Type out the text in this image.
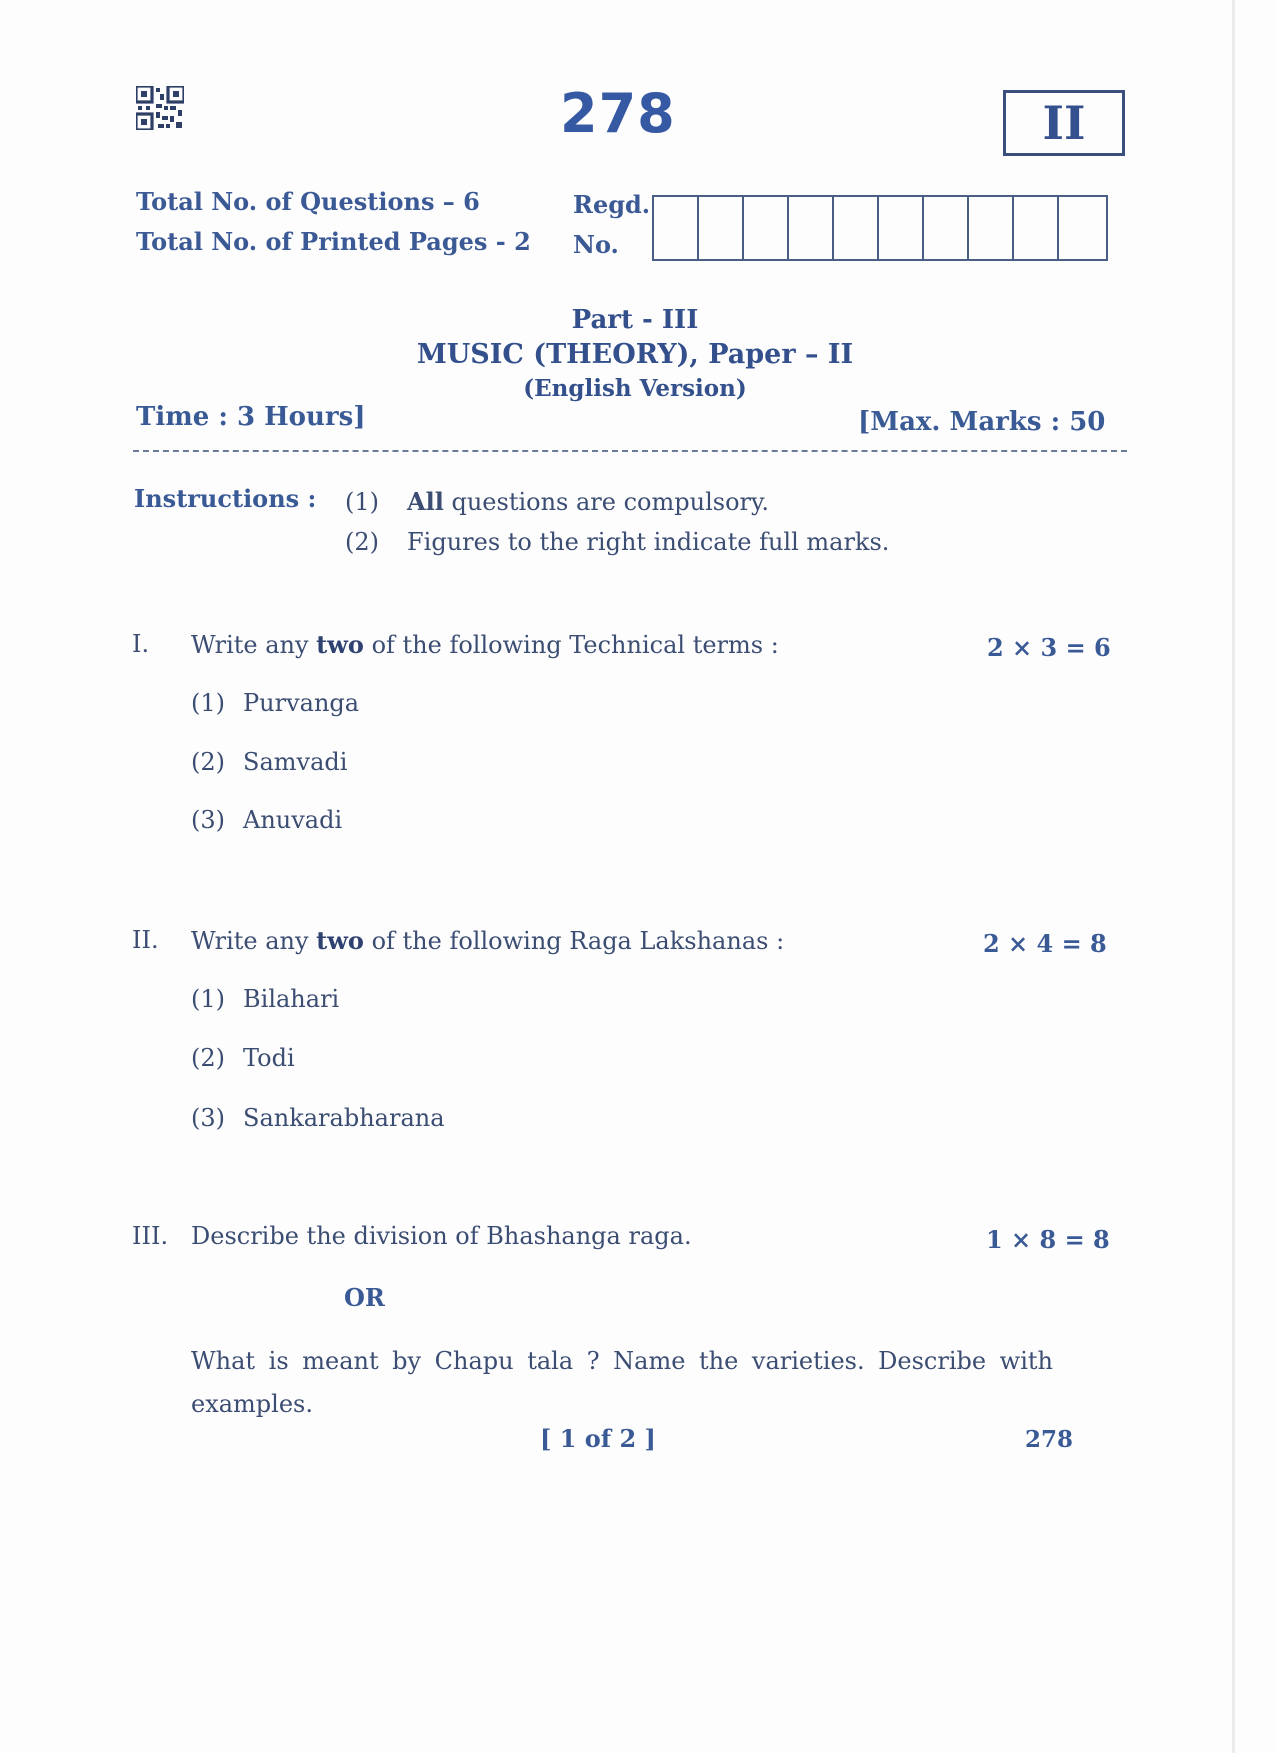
278	II
Total No. of Questions – 6
Total No. of Printed Pages - 2
Regd.
No.
Part - III
MUSIC (THEORY), Paper – II
(English Version)
Time : 3 Hours]	[Max. Marks : 50
Instructions : (1) All questions are compulsory.
(2) Figures to the right indicate full marks.
I. Write any two of the following Technical terms :	2 × 3 = 6
(1) Purvanga
(2) Samvadi
(3) Anuvadi
II. Write any two of the following Raga Lakshanas :	2 × 4 = 8
(1) Bilahari
(2) Todi
(3) Sankarabharana
III. Describe the division of Bhashanga raga.	1 × 8 = 8
OR
What is meant by Chapu tala ? Name the varieties. Describe with examples.
[ 1 of 2 ]	278
